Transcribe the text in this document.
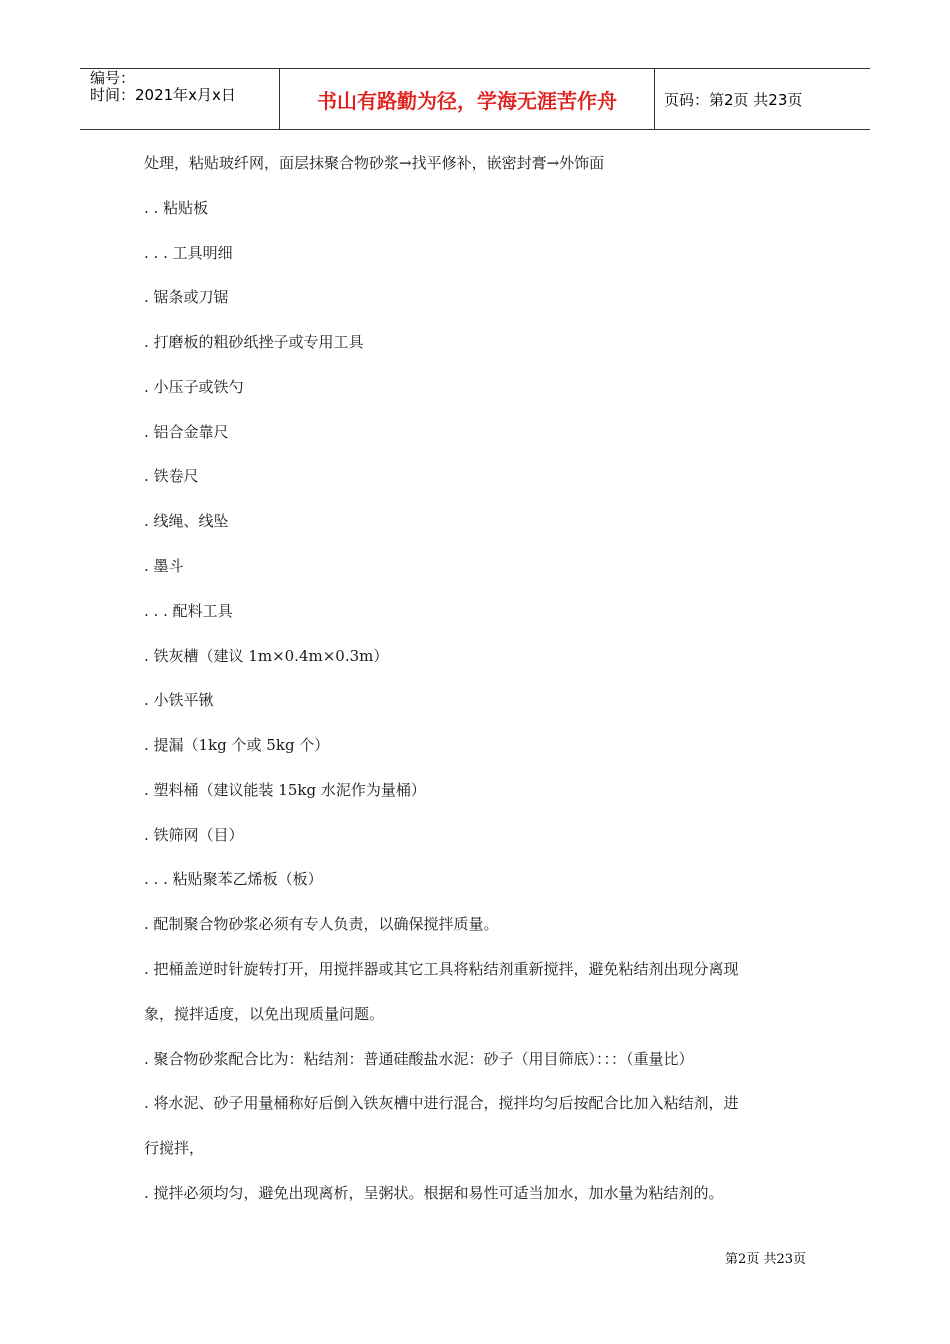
编号：
时间：2021年x月x日	书山有路勤为径，学海无涯苦作舟	页码：第2页 共23页
处理，粘贴玻纤网，面层抹聚合物砂浆→找平修补，嵌密封膏→外饰面
. . 粘贴板
. . . 工具明细
. 锯条或刀锯
. 打磨板的粗砂纸挫子或专用工具
. 小压子或铁勺
. 铝合金靠尺
. 铁卷尺
. 线绳、线坠
. 墨斗
. . . 配料工具
. 铁灰槽（建议 1m×0.4m×0.3m）
. 小铁平锹
. 提漏（1kg 个或 5kg 个）
. 塑料桶（建议能装 15kg 水泥作为量桶）
. 铁筛网（目）
. . . 粘贴聚苯乙烯板（板）
. 配制聚合物砂浆必须有专人负责，以确保搅拌质量。
. 把桶盖逆时针旋转打开，用搅拌器或其它工具将粘结剂重新搅拌，避免粘结剂出现分离现
象，搅拌适度，以免出现质量问题。
. 聚合物砂浆配合比为：粘结剂：普通硅酸盐水泥：砂子（用目筛底）：：：（重量比）
. 将水泥、砂子用量桶称好后倒入铁灰槽中进行混合，搅拌均匀后按配合比加入粘结剂，进
行搅拌，
. 搅拌必须均匀，避免出现离析，呈粥状。根据和易性可适当加水，加水量为粘结剂的。
第2页 共23页
